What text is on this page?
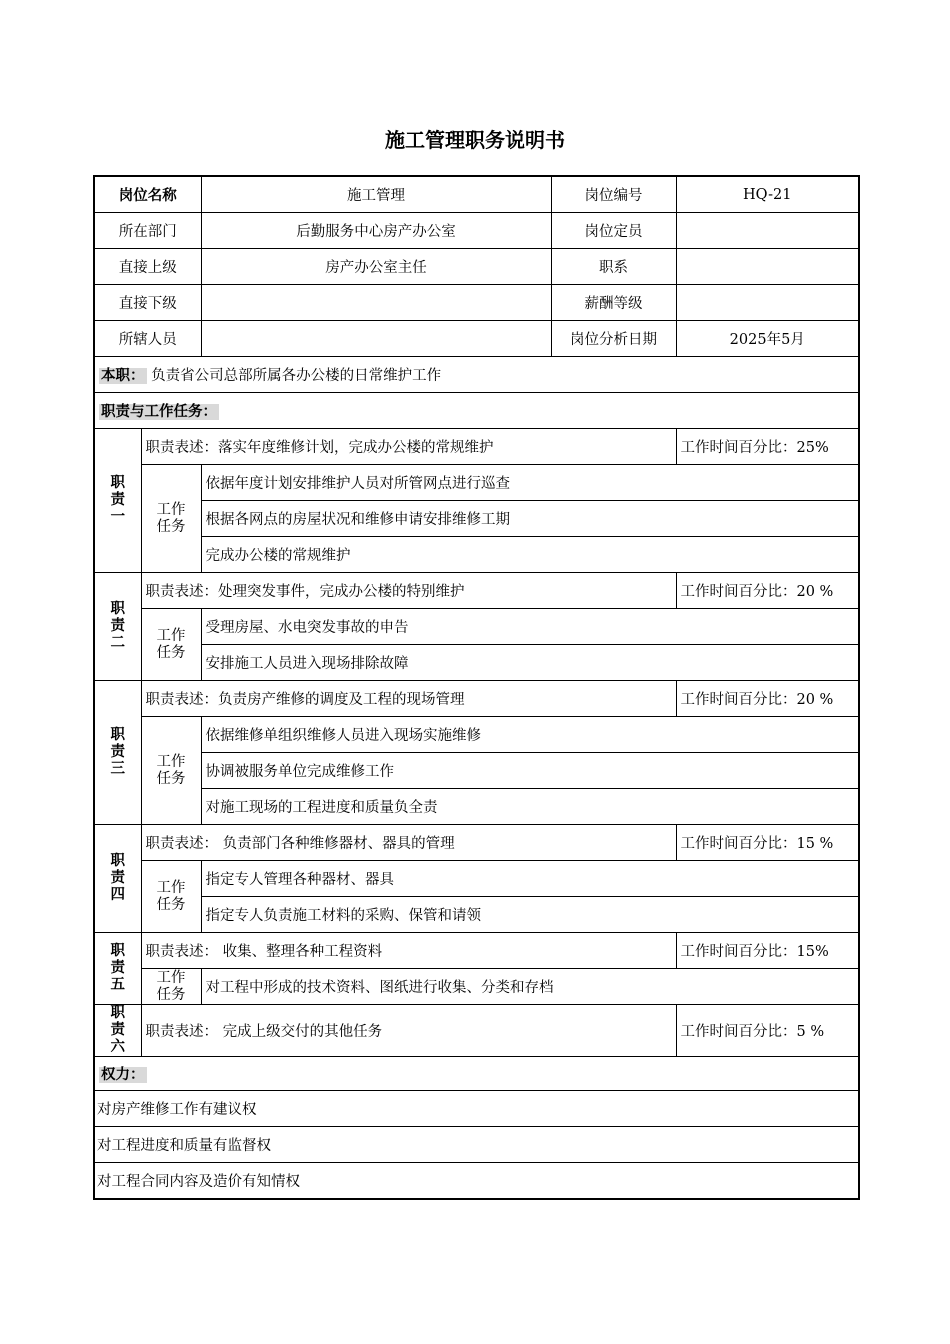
施工管理职务说明书
岗位名称		施工管理	岗位编号	HQ-21
所在部门		后勤服务中心房产办公室	岗位定员	
直接上级		房产办公室主任	职系	
直接下级			薪酬等级	
所辖人员			岗位分析日期	2025年5月
本职： 负责省公司总部所属各办公楼的日常维护工作				
职责与工作任务：				

职
责
一	职责表述：落实年度维修计划，完成办公楼的常规维护			工作时间百分比：25%

	工作
任务	依据年度计划安排维护人员对所管网点进行巡查		
		根据各网点的房屋状况和维修申请安排维修工期		
		完成办公楼的常规维护		

职
责
二	职责表述：处理突发事件，完成办公楼的特别维护			工作时间百分比：20 %

	工作
任务	受理房屋、水电突发事故的申告		
		安排施工人员进入现场排除故障		

职
责
三	职责表述：负责房产维修的调度及工程的现场管理			工作时间百分比：20 %

	工作
任务	依据维修单组织维修人员进入现场实施维修		
		协调被服务单位完成维修工作		
		对施工现场的工程进度和质量负全责		

职
责
四	职责表述： 负责部门各种维修器材、器具的管理			工作时间百分比：15 %

	工作
任务	指定专人管理各种器材、器具		
		指定专人负责施工材料的采购、保管和请领		

职
责
五	职责表述： 收集、整理各种工程资料			工作时间百分比：15%

	工作
任务	对工程中形成的技术资料、图纸进行收集、分类和存档		

职
责
六	职责表述： 完成上级交付的其他任务			工作时间百分比：5 %
权力：				
对房产维修工作有建议权				
对工程进度和质量有监督权				
对工程合同内容及造价有知情权				
